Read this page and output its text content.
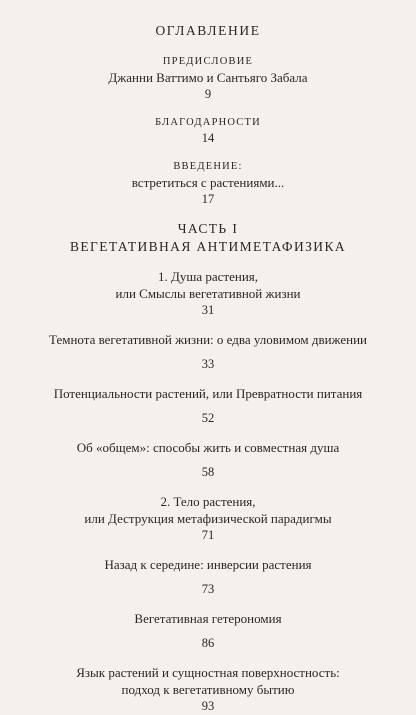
ОГЛАВЛЕНИЕ
ПРЕДИСЛОВИЕ
Джанни Ваттимо и Сантьяго Забала
9
БЛАГОДАРНОСТИ
14
ВВЕДЕНИЕ:
встретиться с растениями...
17
ЧАСТЬ I
ВЕГЕТАТИВНАЯ АНТИМЕТАФИЗИКА
1. Душа растения,
или Смыслы вегетативной жизни
31
Темнота вегетативной жизни: о едва уловимом движении
33
Потенциальности растений, или Превратности питания
52
Об «общем»: способы жить и совместная душа
58
2. Тело растения,
или Деструкция метафизической парадигмы
71
Назад к середине: инверсии растения
73
Вегетативная гетерономия
86
Язык растений и сущностная поверхностность:
подход к вегетативному бытию
93
